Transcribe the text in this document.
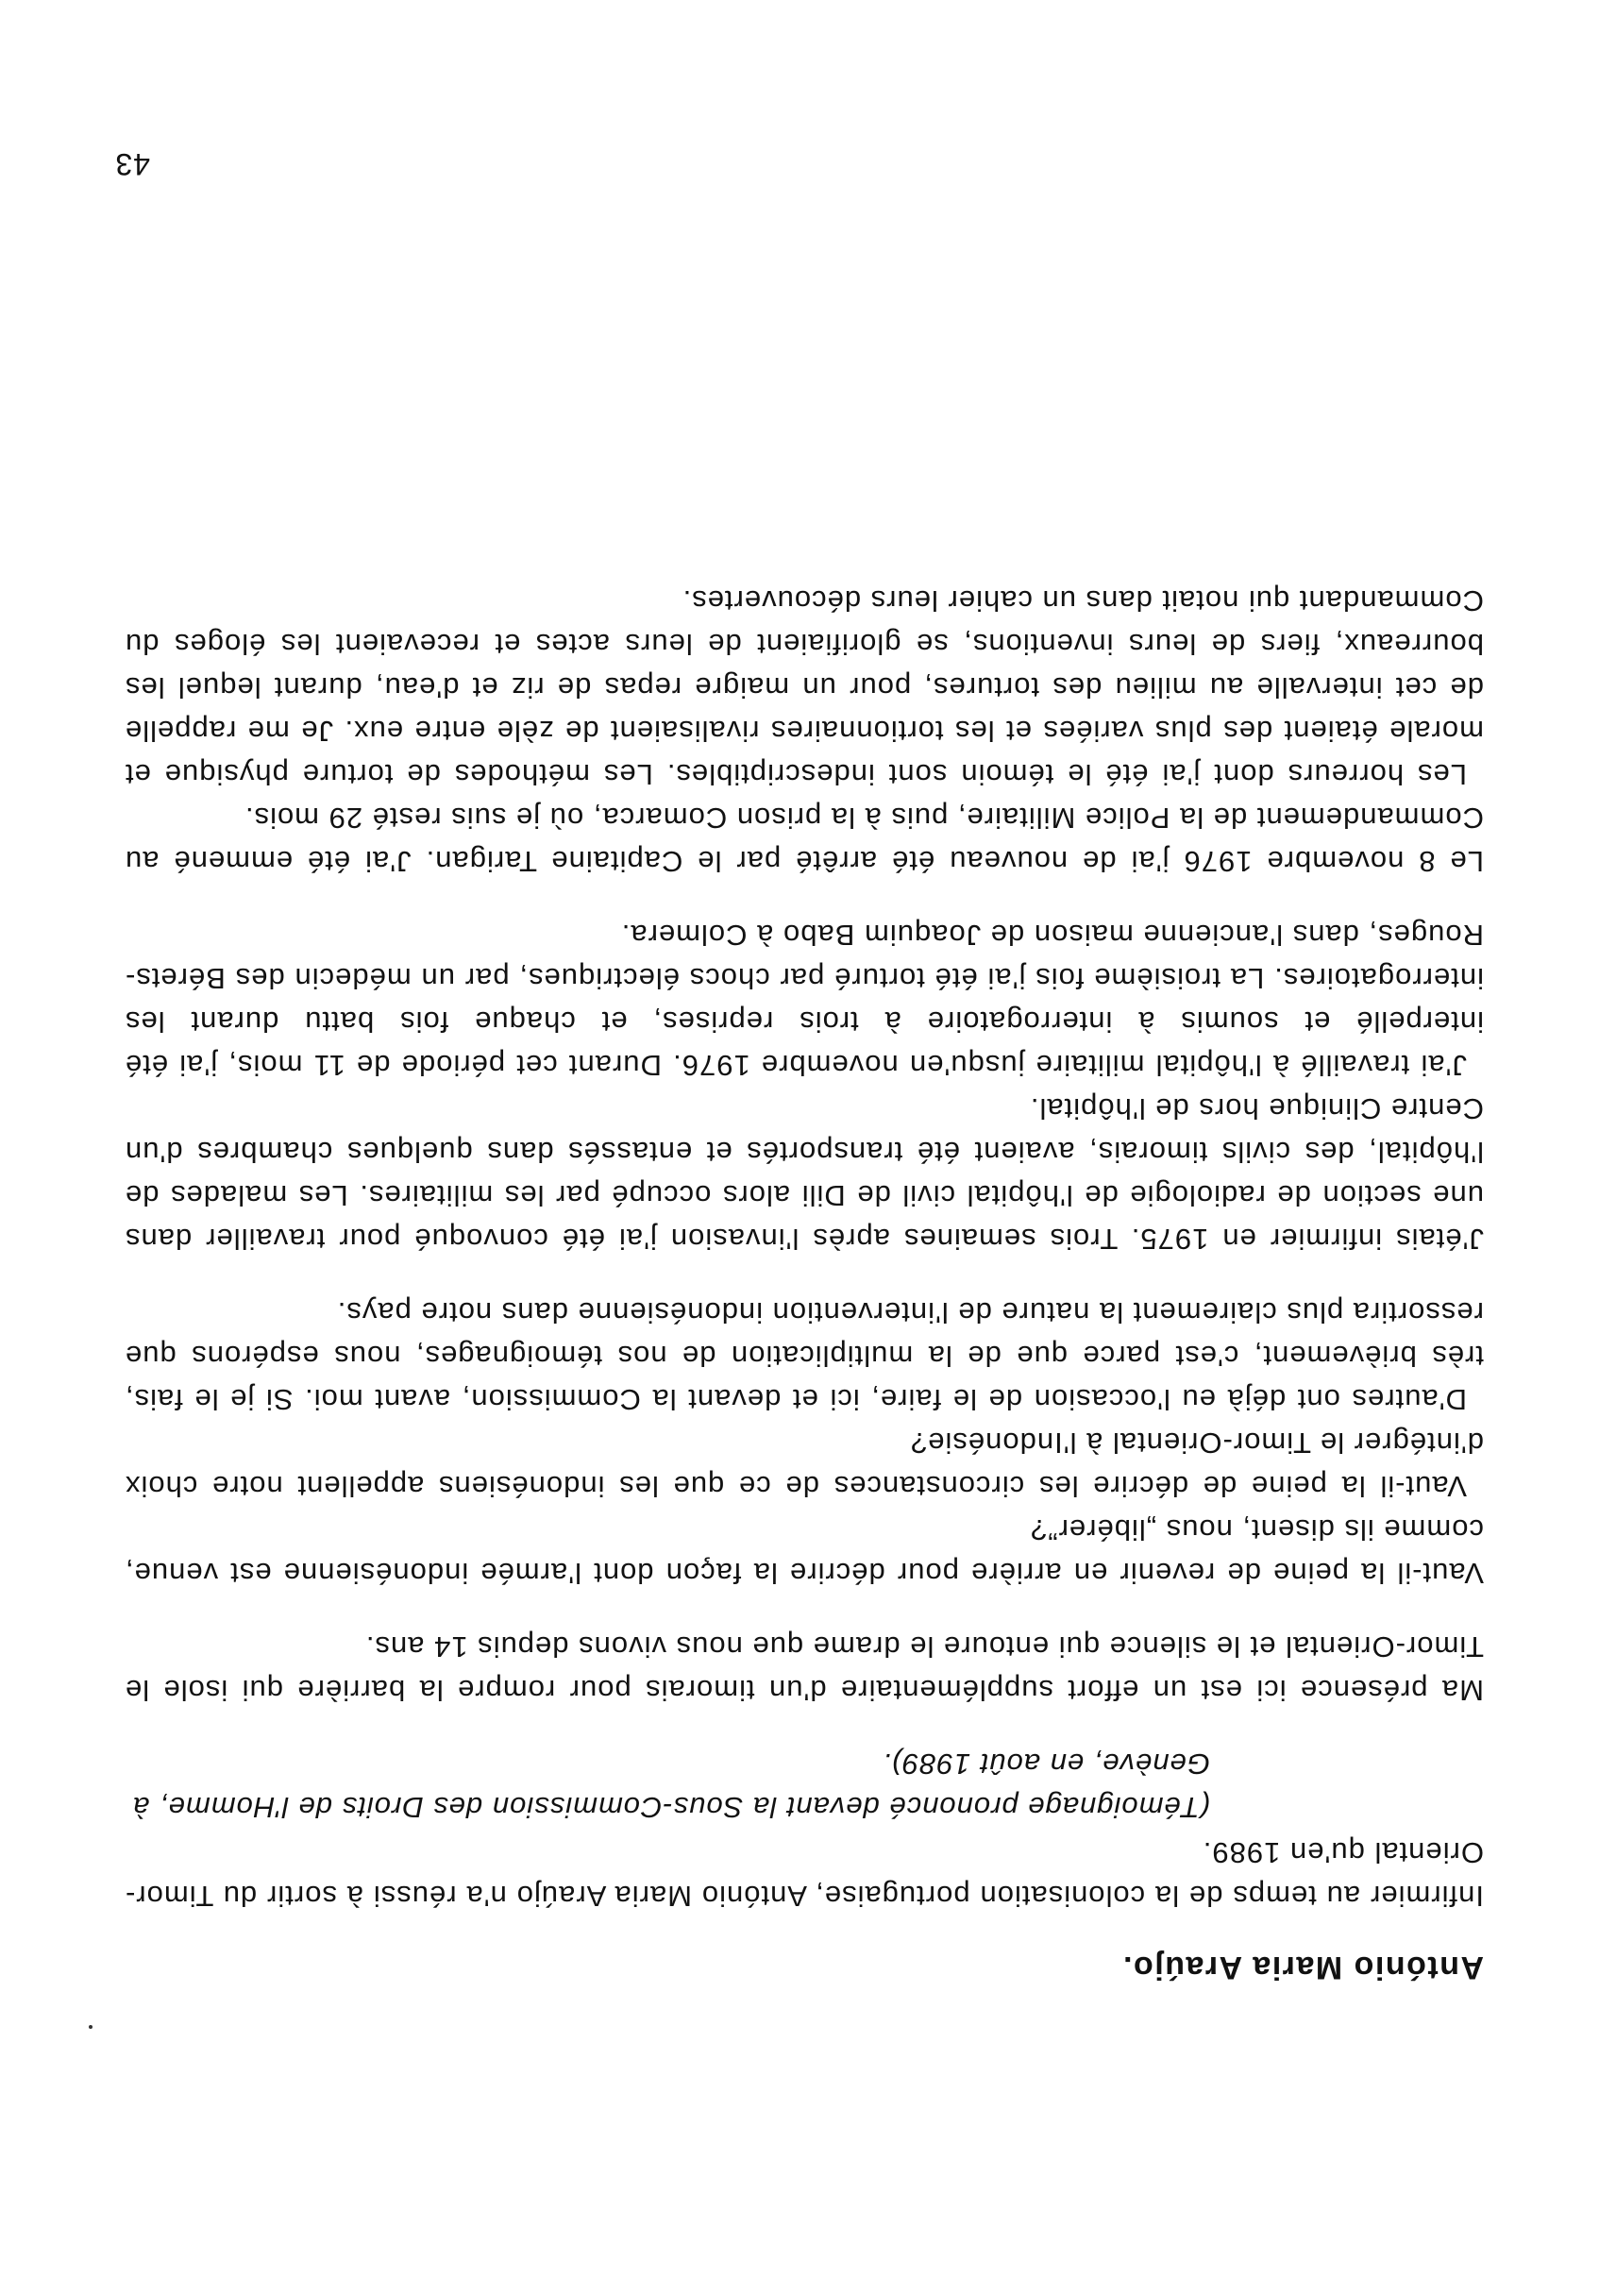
António Maria Araújo.

Infirmier au temps de la colonisation portugaise, António Maria Araújo n'a réussi à sortir du Timor-Oriental qu'en 1989.

(Témoignage prononcé devant la Sous-Commission des Droits de l'Homme, à Genève, en août 1989).

Ma présence ici est un effort supplémentaire d'un timorais pour rompre la barrière qui isole le Timor-Oriental et le silence qui entoure le drame que nous vivons depuis 14 ans.

Vaut-il la peine de revenir en arrière pour décrire la façon dont l'armée indonésienne est venue, comme ils disent, nous „libérer”?

Vaut-il la peine de décrire les circonstances de ce que les indonésiens appellent notre choix d'intégrer le Timor-Oriental à l'Indonésie?

D'autres ont déjà eu l'occasion de le faire, ici et devant la Commission, avant moi. Si je le fais, très brièvement, c'est parce que de la multiplication de nos témoignages, nous espérons que ressortira plus clairement la nature de l'intervention indonésienne dans notre pays.

J'étais infirmier en 1975. Trois semaines après l'invasion j'ai été convoqué pour travailler dans une section de radiologie de l'hôpital civil de Dili alors occupé par les militaires. Les malades de l'hôpital, des civils timorais, avaient été transportés et entassés dans quelques chambres d'un Centre Clinique hors de l'hôpital.

J'ai travaillé à l'hôpital militaire jusqu'en novembre 1976. Durant cet période de 11 mois, j'ai été interpellé et soumis à interrogatoire à trois reprises, et chaque fois battu durant les interrogatoires. La troisième fois j'ai été torturé par chocs électriques, par un médecin des Bérets-Rouges, dans l'ancienne maison de Joaquim Babo à Colmera.

Le 8 novembre 1976 j'ai de nouveau été arrêté par le Capitaine Tarigan. J'ai été emmené au Commandement de la Police Militaire, puis à la prison Comarca, où je suis resté 29 mois.

Les horreurs dont j'ai été le témoin sont indescriptibles. Les méthodes de torture physique et morale étaient des plus variées et les tortionnaires rivalisaient de zèle entre eux. Je me rappelle de cet intervalle au milieu des tortures, pour un maigre repas de riz et d'eau, durant lequel les bourreaux, fiers de leurs inventions, se glorifiaient de leurs actes et recevaient les éloges du Commandant qui notait dans un cahier leurs découvertes.

43
